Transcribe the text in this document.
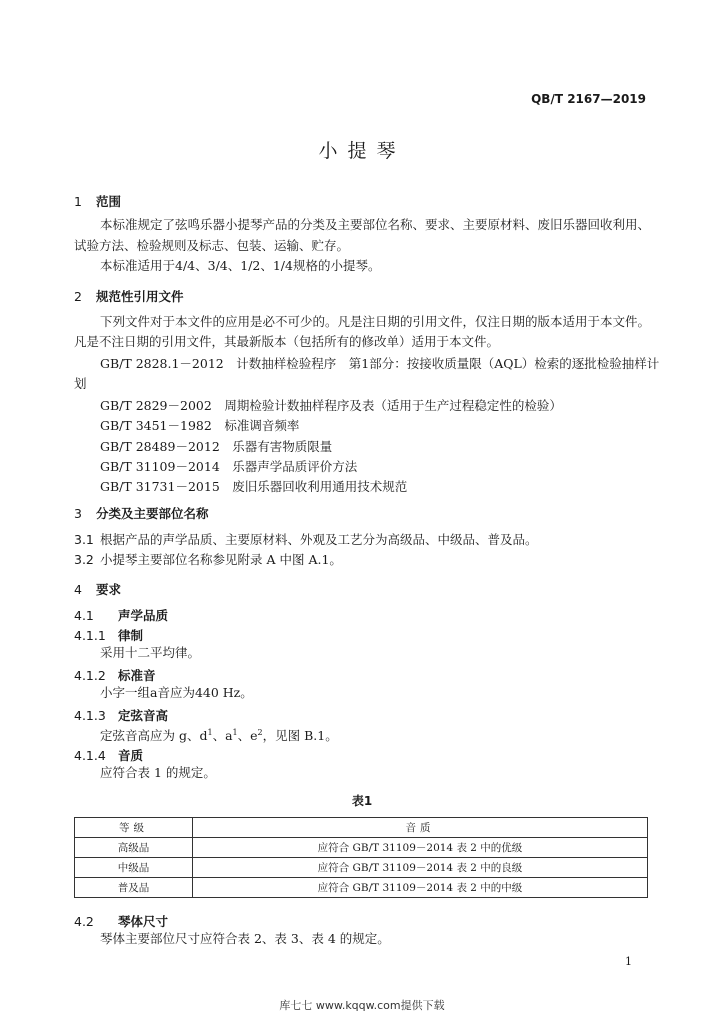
QB/T 2167—2019
小提琴
1 范围
本标准规定了弦鸣乐器小提琴产品的分类及主要部位名称、要求、主要原材料、废旧乐器回收利用、
试验方法、检验规则及标志、包装、运输、贮存。
本标准适用于4/4、3/4、1/2、1/4规格的小提琴。
2 规范性引用文件
下列文件对于本文件的应用是必不可少的。凡是注日期的引用文件，仅注日期的版本适用于本文件。
凡是不注日期的引用文件，其最新版本（包括所有的修改单）适用于本文件。
GB/T 2828.1－2012　 计数抽样检验程序　第1部分：按接收质量限（AQL）检索的逐批检验抽样计
划
GB/T 2829－2002　 周期检验计数抽样程序及表（适用于生产过程稳定性的检验）
GB/T 3451－1982　 标准调音频率
GB/T 28489－2012　 乐器有害物质限量
GB/T 31109－2014　 乐器声学品质评价方法
GB/T 31731－2015　 废旧乐器回收利用通用技术规范
3 分类及主要部位名称
3.1 根据产品的声学品质、主要原材料、外观及工艺分为高级品、中级品、普及品。
3.2 小提琴主要部位名称参见附录 A 中图 A.1。
4 要求
4.1 声学品质
4.1.1 律制
采用十二平均律。
4.1.2 标准音
小字一组a音应为440 Hz。
4.1.3 定弦音高
定弦音高应为 g、$d^1$、$a^1$、$e^2$，见图 B.1。
4.1.4 音质
应符合表 1 的规定。
表1
等级	音质
高级品	应符合 GB/T 31109－2014 表 2 中的优级
中级品	应符合 GB/T 31109－2014 表 2 中的良级
普及品	应符合 GB/T 31109－2014 表 2 中的中级
4.2 琴体尺寸
琴体主要部位尺寸应符合表 2、表 3、表 4 的规定。
1
库七七 www.kqqw.com提供下载
